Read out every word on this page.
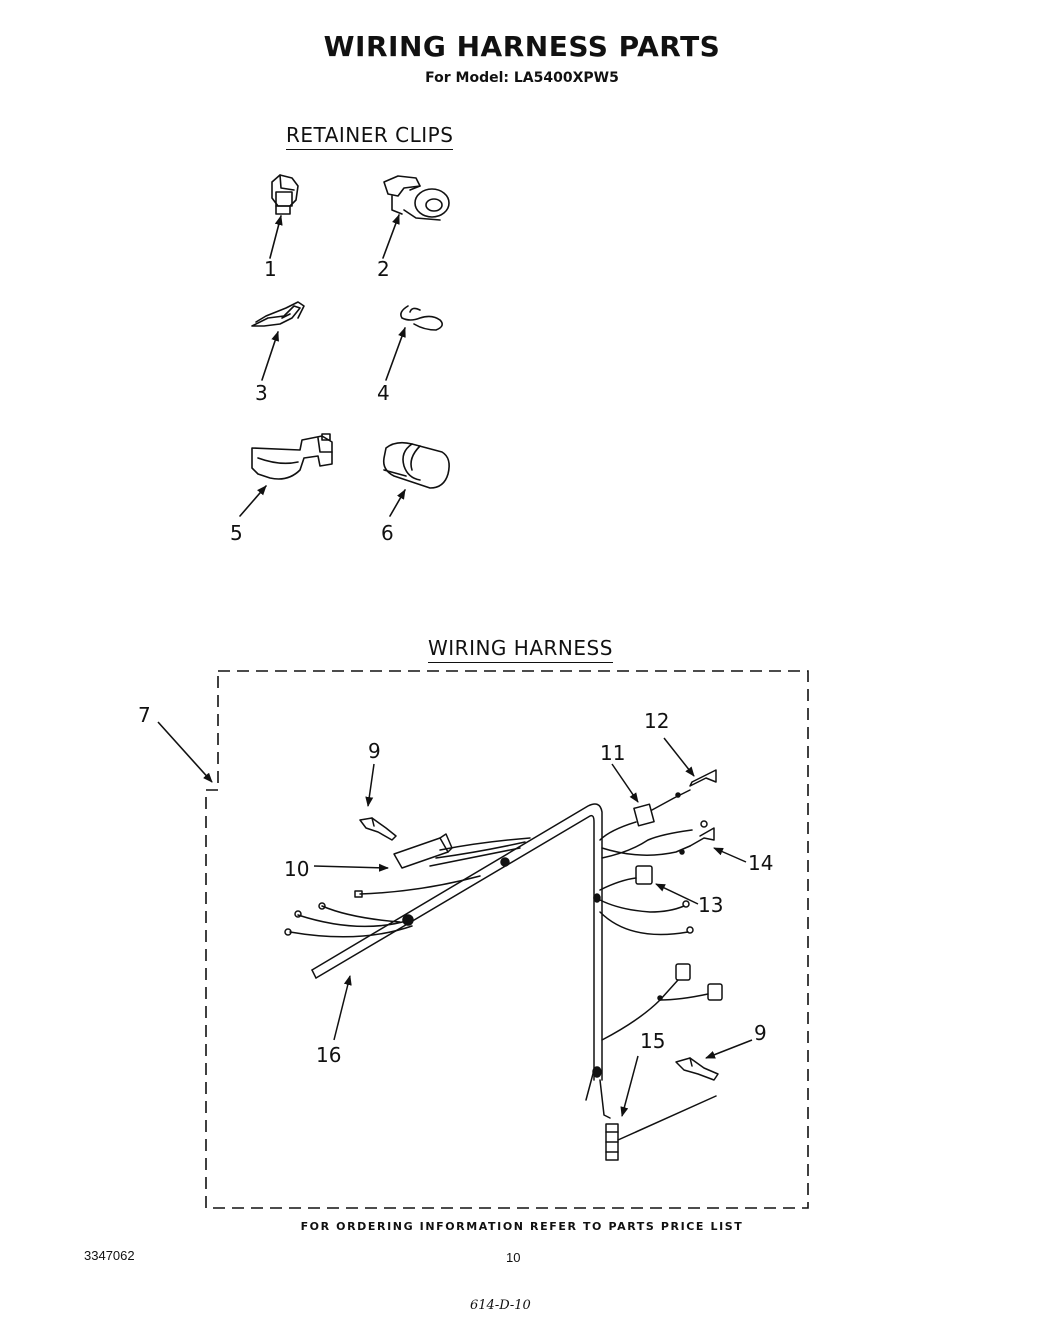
WIRING HARNESS PARTS
For Model: LA5400XPW5
RETAINER CLIPS
WIRING HARNESS
1	2
3	4
5	6
7
9
10
11
12
13
14
15	9
16
FOR ORDERING INFORMATION REFER TO PARTS PRICE LIST
3347062	10
614-D-10
